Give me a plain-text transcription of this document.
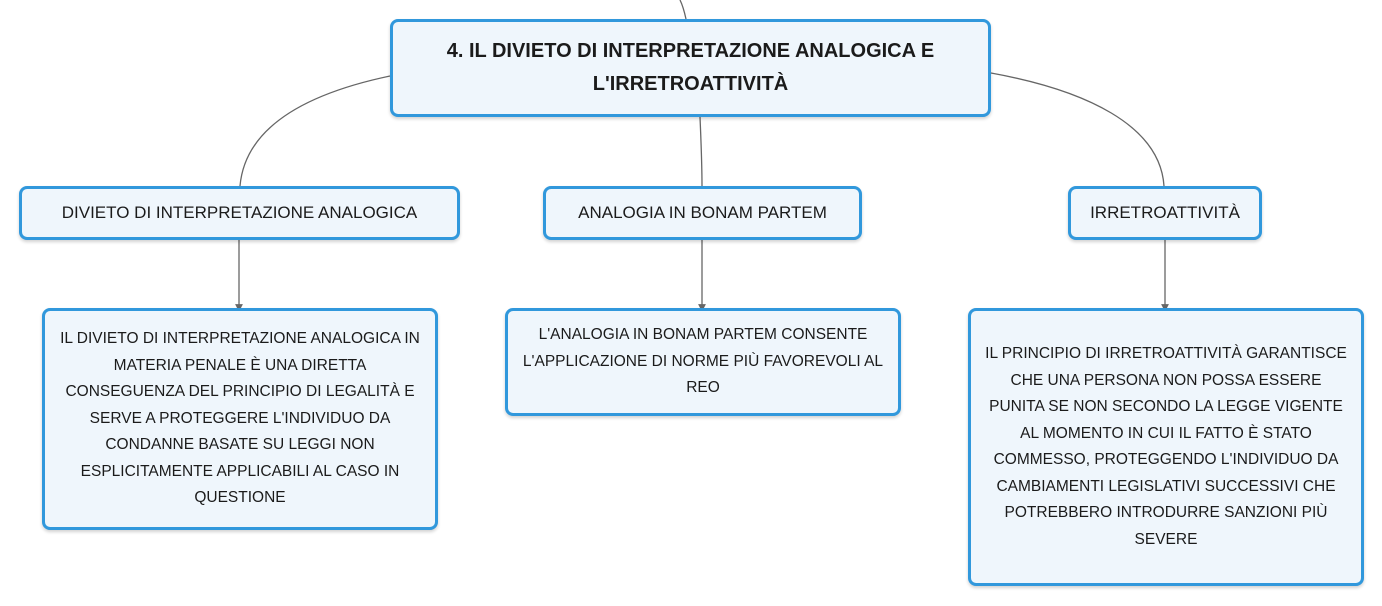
4. IL DIVIETO DI INTERPRETAZIONE ANALOGICA E L'IRRETROATTIVITÀ
DIVIETO DI INTERPRETAZIONE ANALOGICA	ANALOGIA IN BONAM PARTEM	IRRETROATTIVITÀ
IL DIVIETO DI INTERPRETAZIONE ANALOGICA IN MATERIA PENALE È UNA DIRETTA CONSEGUENZA DEL PRINCIPIO DI LEGALITÀ E SERVE A PROTEGGERE L'INDIVIDUO DA CONDANNE BASATE SU LEGGI NON ESPLICITAMENTE APPLICABILI AL CASO IN QUESTIONE
L'ANALOGIA IN BONAM PARTEM CONSENTE L'APPLICAZIONE DI NORME PIÙ FAVOREVOLI AL REO
IL PRINCIPIO DI IRRETROATTIVITÀ GARANTISCE CHE UNA PERSONA NON POSSA ESSERE PUNITA SE NON SECONDO LA LEGGE VIGENTE AL MOMENTO IN CUI IL FATTO È STATO COMMESSO, PROTEGGENDO L'INDIVIDUO DA CAMBIAMENTI LEGISLATIVI SUCCESSIVI CHE POTREBBERO INTRODURRE SANZIONI PIÙ SEVERE
